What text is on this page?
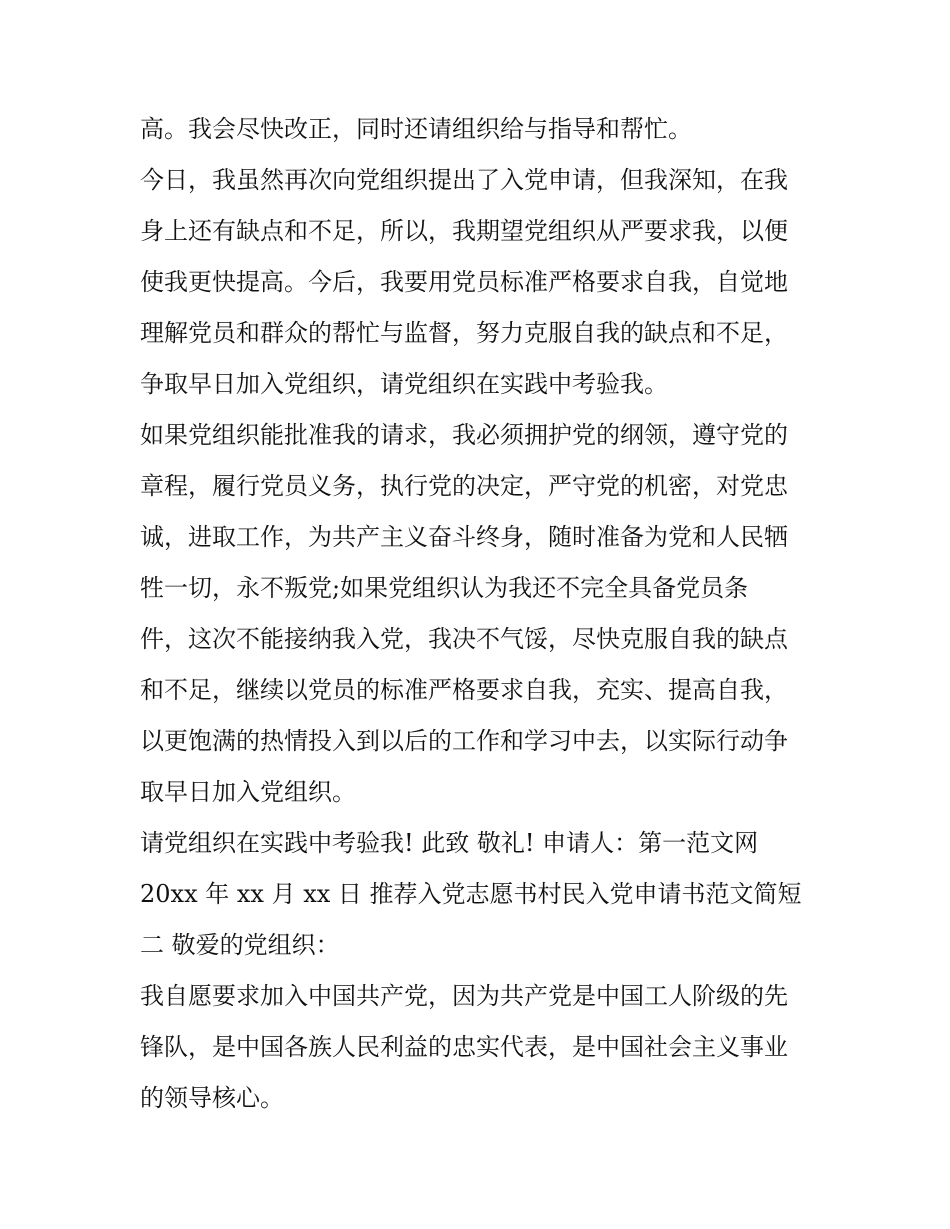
高。我会尽快改正，同时还请组织给与指导和帮忙。
今日，我虽然再次向党组织提出了入党申请，但我深知，在我
身上还有缺点和不足，所以，我期望党组织从严要求我，以便
使我更快提高。今后，我要用党员标准严格要求自我，自觉地
理解党员和群众的帮忙与监督，努力克服自我的缺点和不足，
争取早日加入党组织，请党组织在实践中考验我。
如果党组织能批准我的请求，我必须拥护党的纲领，遵守党的
章程，履行党员义务，执行党的决定，严守党的机密，对党忠
诚，进取工作，为共产主义奋斗终身，随时准备为党和人民牺
牲一切，永不叛党;如果党组织认为我还不完全具备党员条
件，这次不能接纳我入党，我决不气馁，尽快克服自我的缺点
和不足，继续以党员的标准严格要求自我，充实、提高自我，
以更饱满的热情投入到以后的工作和学习中去，以实际行动争
取早日加入党组织。
请党组织在实践中考验我! 此致 敬礼! 申请人：第一范文网
20xx 年 xx 月 xx 日 推荐入党志愿书村民入党申请书范文简短
二 敬爱的党组织：
我自愿要求加入中国共产党，因为共产党是中国工人阶级的先
锋队，是中国各族人民利益的忠实代表，是中国社会主义事业
的领导核心。
